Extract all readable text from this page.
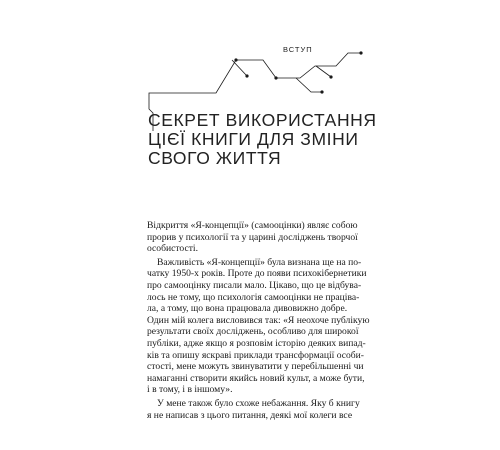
ВСТУП
СЕКРЕТ ВИКОРИСТАННЯ
ЦІЄЇ КНИГИ ДЛЯ ЗМІНИ
СВОГО ЖИТТЯ
Відкриття «Я-концепції» (самооцінки) являє собою
прорив у психології та у царині досліджень творчої
особистості.
Важливість «Я-концепції» була визнана ще на по-
чатку 1950-х років. Проте до появи психокібернетики
про самооцінку писали мало. Цікаво, що це відбува-
лось не тому, що психологія самооцінки не праціва-
ла, а тому, що вона працювала дивовижно добре.
Один мій колега висловився так: «Я неохоче публікую
результати своїх досліджень, особливо для широкої
публіки, адже якщо я розповім історію деяких випад-
ків та опишу яскраві приклади трансформації особи-
стості, мене можуть звинуватити у перебільшенні чи
намаганні створити якийсь новий культ, а може бути,
і в тому, і в іншому».
У мене також було схоже небажання. Яку б книгу
я не написав з цього питання, деякі мої колеги все
